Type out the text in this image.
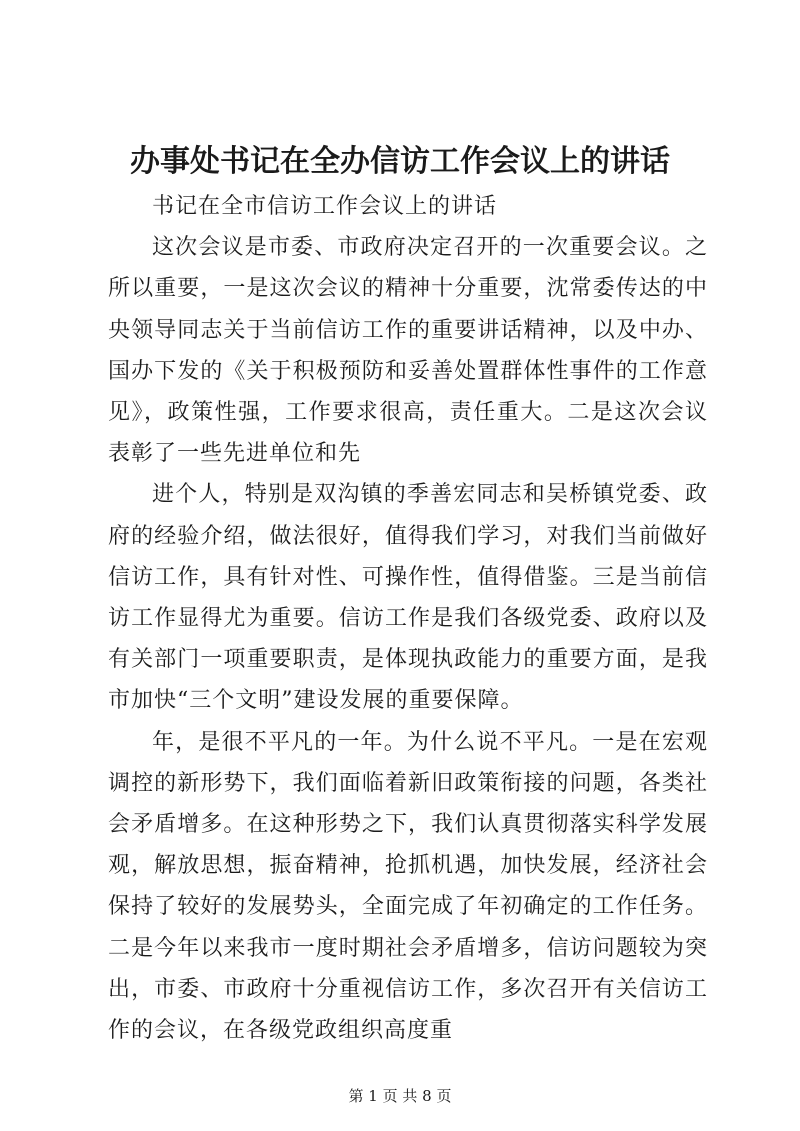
办事处书记在全办信访工作会议上的讲话

书记在全市信访工作会议上的讲话

这次会议是市委、市政府决定召开的一次重要会议。之所以重要，一是这次会议的精神十分重要，沈常委传达的中央领导同志关于当前信访工作的重要讲话精神，以及中办、国办下发的《关于积极预防和妥善处置群体性事件的工作意见》，政策性强，工作要求很高，责任重大。二是这次会议表彰了一些先进单位和先

进个人，特别是双沟镇的季善宏同志和吴桥镇党委、政府的经验介绍，做法很好，值得我们学习，对我们当前做好信访工作，具有针对性、可操作性，值得借鉴。三是当前信访工作显得尤为重要。信访工作是我们各级党委、政府以及有关部门一项重要职责，是体现执政能力的重要方面，是我市加快“三个文明”建设发展的重要保障。

年，是很不平凡的一年。为什么说不平凡。一是在宏观调控的新形势下，我们面临着新旧政策衔接的问题，各类社会矛盾增多。在这种形势之下，我们认真贯彻落实科学发展观，解放思想，振奋精神，抢抓机遇，加快发展，经济社会保持了较好的发展势头，全面完成了年初确定的工作任务。二是今年以来我市一度时期社会矛盾增多，信访问题较为突出，市委、市政府十分重视信访工作，多次召开有关信访工作的会议，在各级党政组织高度重

第 1 页 共 8 页
